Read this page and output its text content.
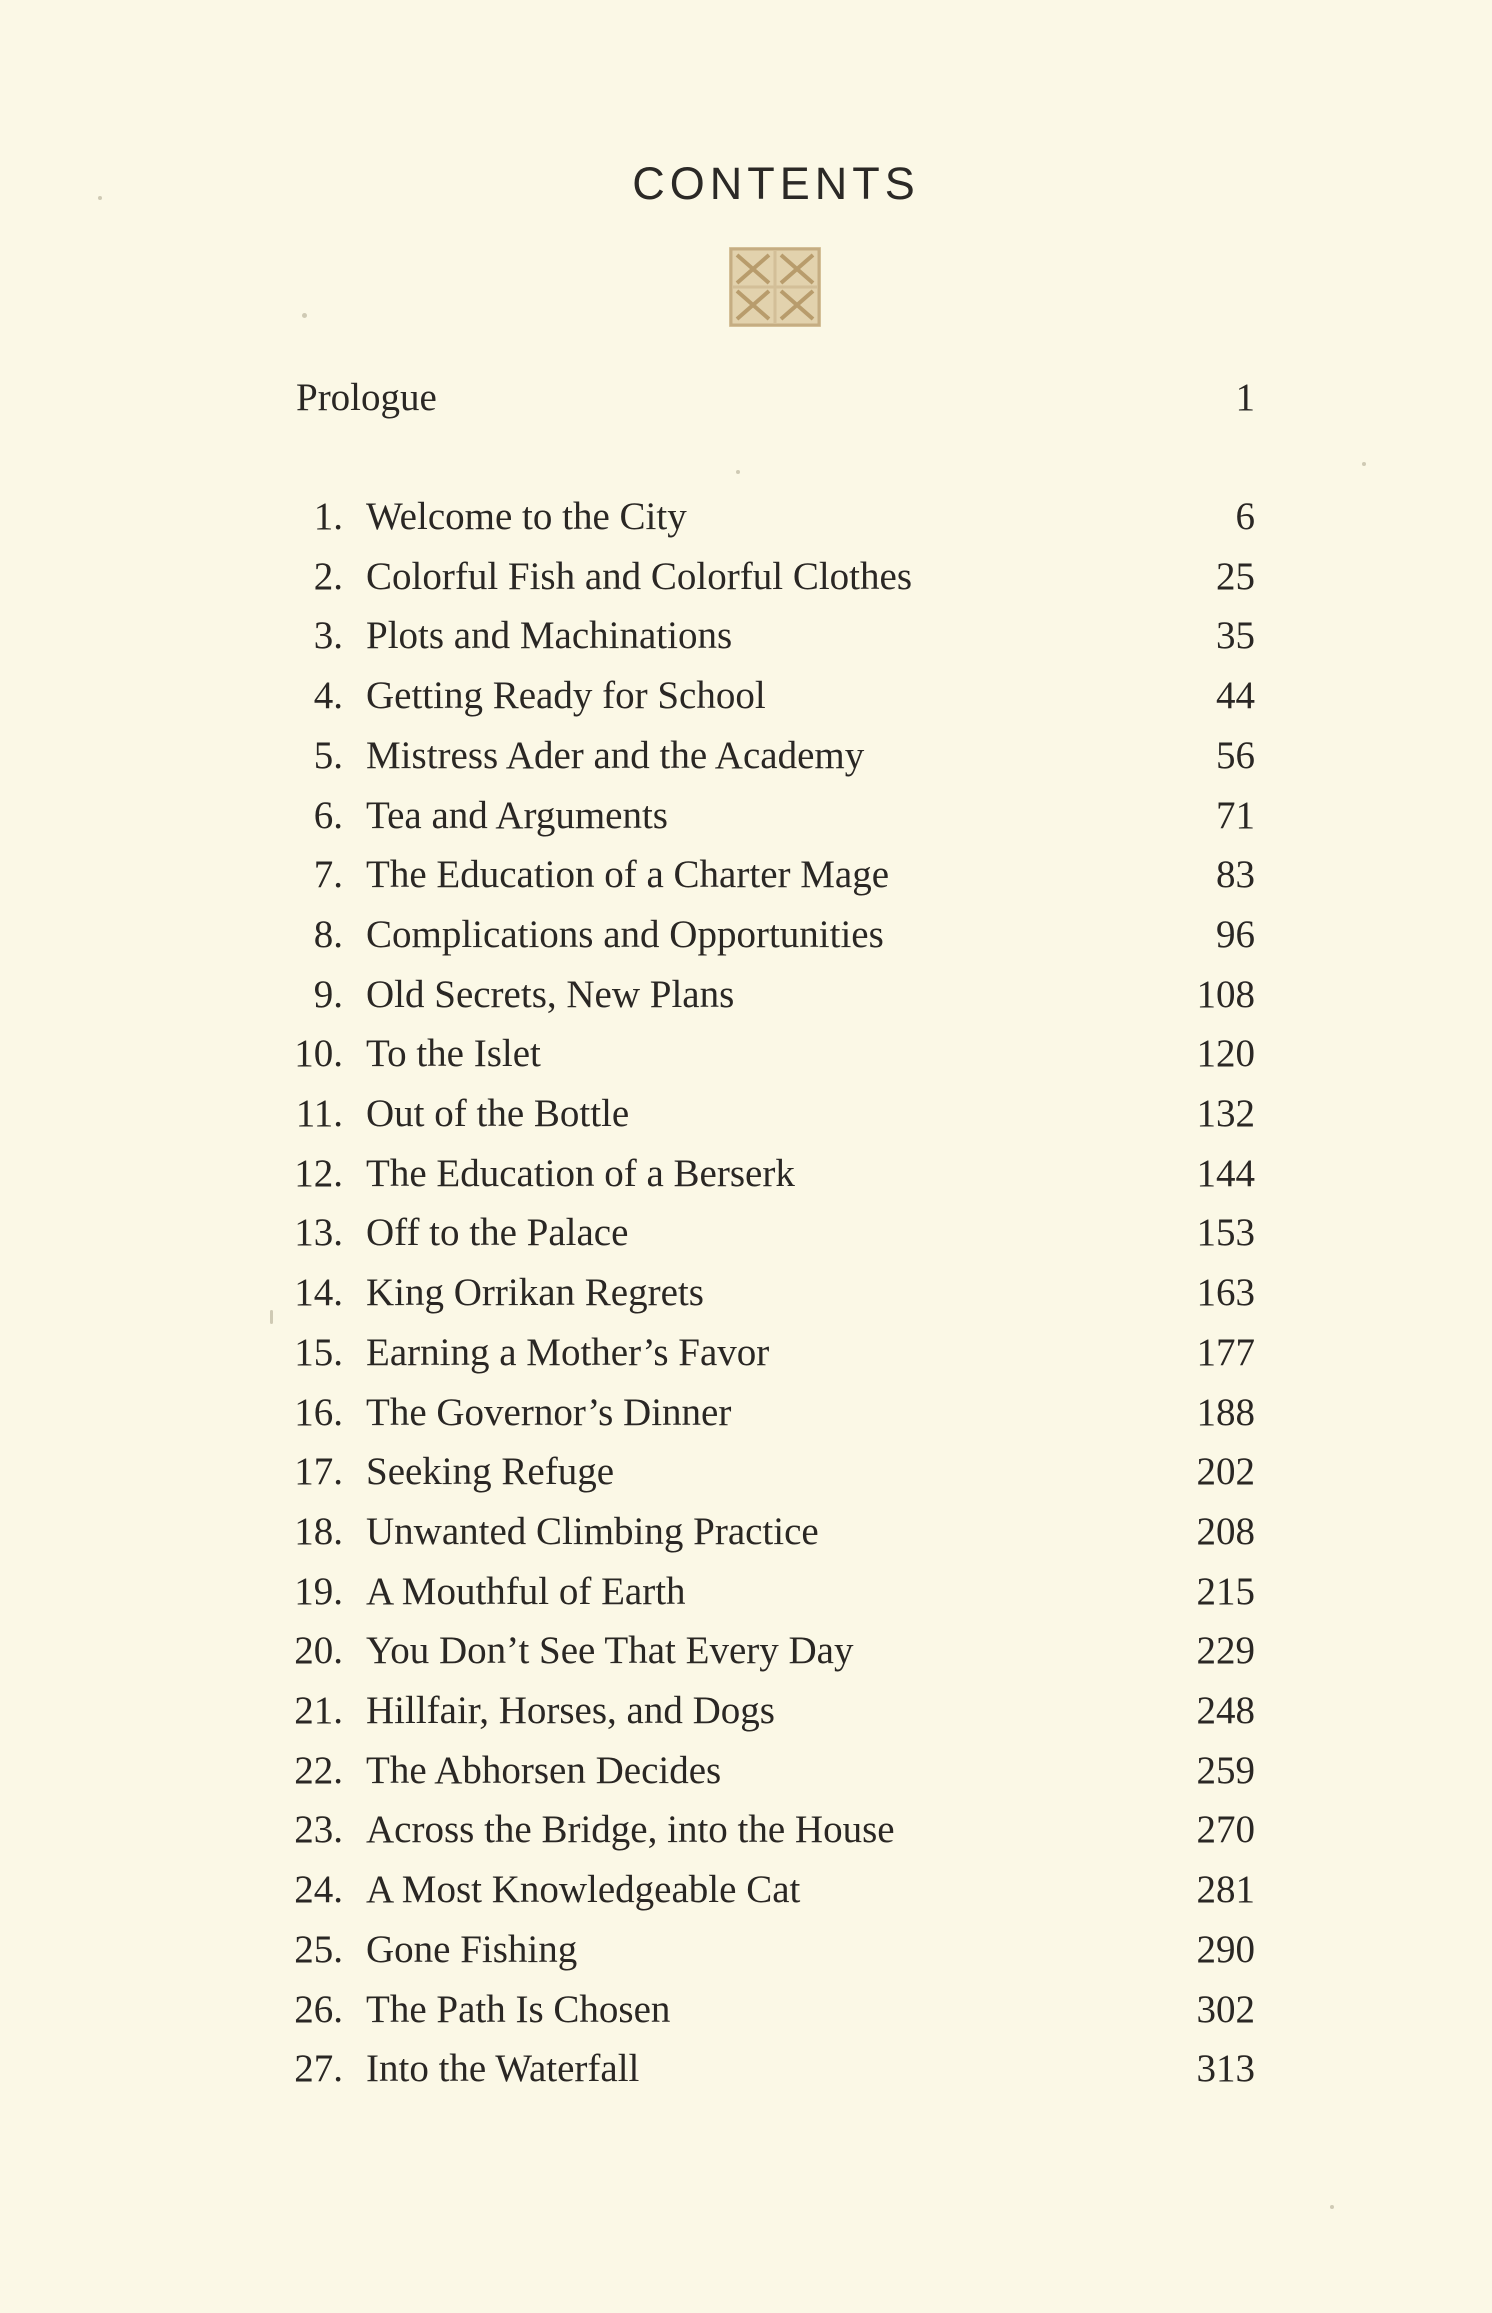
CONTENTS
Prologue	1
1. Welcome to the City	6
2. Colorful Fish and Colorful Clothes	25
3. Plots and Machinations	35
4. Getting Ready for School	44
5. Mistress Ader and the Academy	56
6. Tea and Arguments	71
7. The Education of a Charter Mage	83
8. Complications and Opportunities	96
9. Old Secrets, New Plans	108
10. To the Islet	120
11. Out of the Bottle	132
12. The Education of a Berserk	144
13. Off to the Palace	153
14. King Orrikan Regrets	163
15. Earning a Mother’s Favor	177
16. The Governor’s Dinner	188
17. Seeking Refuge	202
18. Unwanted Climbing Practice	208
19. A Mouthful of Earth	215
20. You Don’t See That Every Day	229
21. Hillfair, Horses, and Dogs	248
22. The Abhorsen Decides	259
23. Across the Bridge, into the House	270
24. A Most Knowledgeable Cat	281
25. Gone Fishing	290
26. The Path Is Chosen	302
27. Into the Waterfall	313
